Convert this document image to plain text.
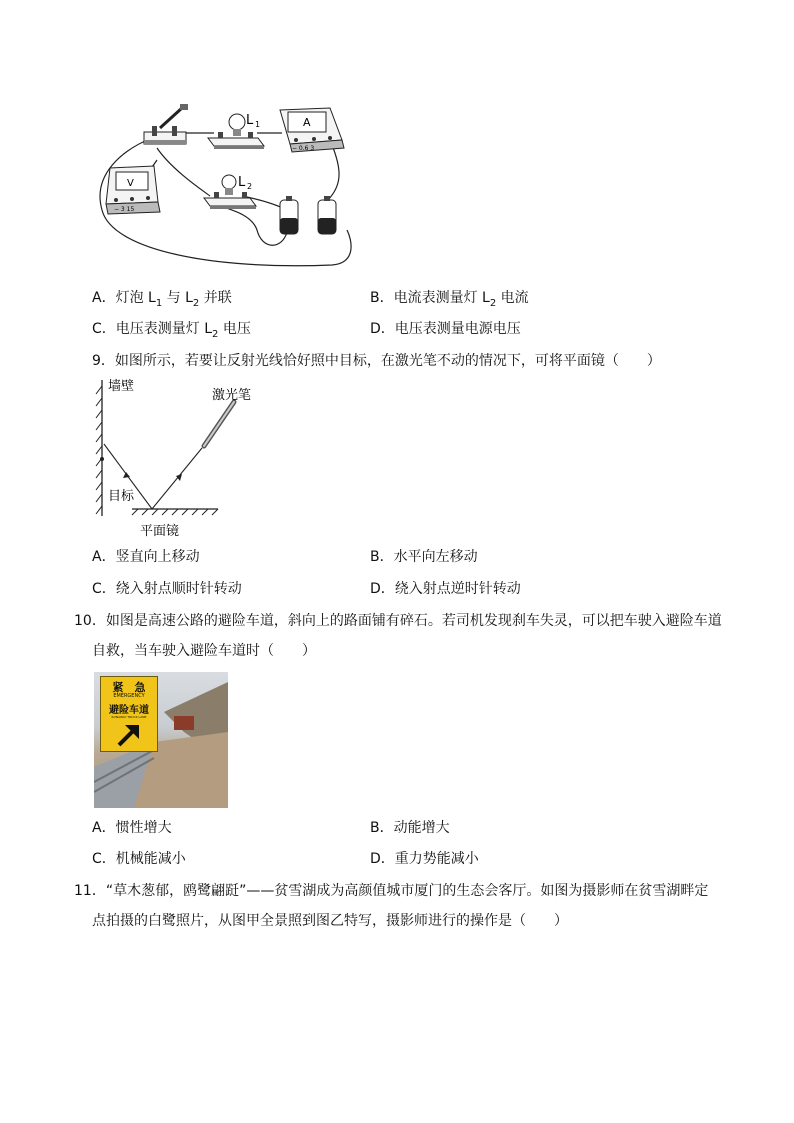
L 1	A
− 0.6 3
V
− 3 15
L 2
A．灯泡 $L_1$ 与 $L_2$ 并联	B．电流表测量灯 $L_2$ 电流
C．电压表测量灯 $L_2$ 电压	D．电压表测量电源电压
9．如图所示，若要让反射光线恰好照中目标，在激光笔不动的情况下，可将平面镜（　　）
墙壁
激光笔
目标
平面镜
A．竖直向上移动	B．水平向左移动
C．绕入射点顺时针转动	D．绕入射点逆时针转动
10．如图是高速公路的避险车道，斜向上的路面铺有碎石。若司机发现刹车失灵，可以把车驶入避险车道
自救，当车驶入避险车道时（　　）
紧　急
EMERGENCY
避险车道
RUNAWAY TRUCK LANE
A．惯性增大	B．动能增大
C．机械能减小	D．重力势能减小
11．“草木葱郁，鸥鹭翩跹”——贫雪湖成为高颜值城市厦门的生态会客厅。如图为摄影师在贫雪湖畔定
点拍摄的白鹭照片，从图甲全景照到图乙特写，摄影师进行的操作是（　　）
